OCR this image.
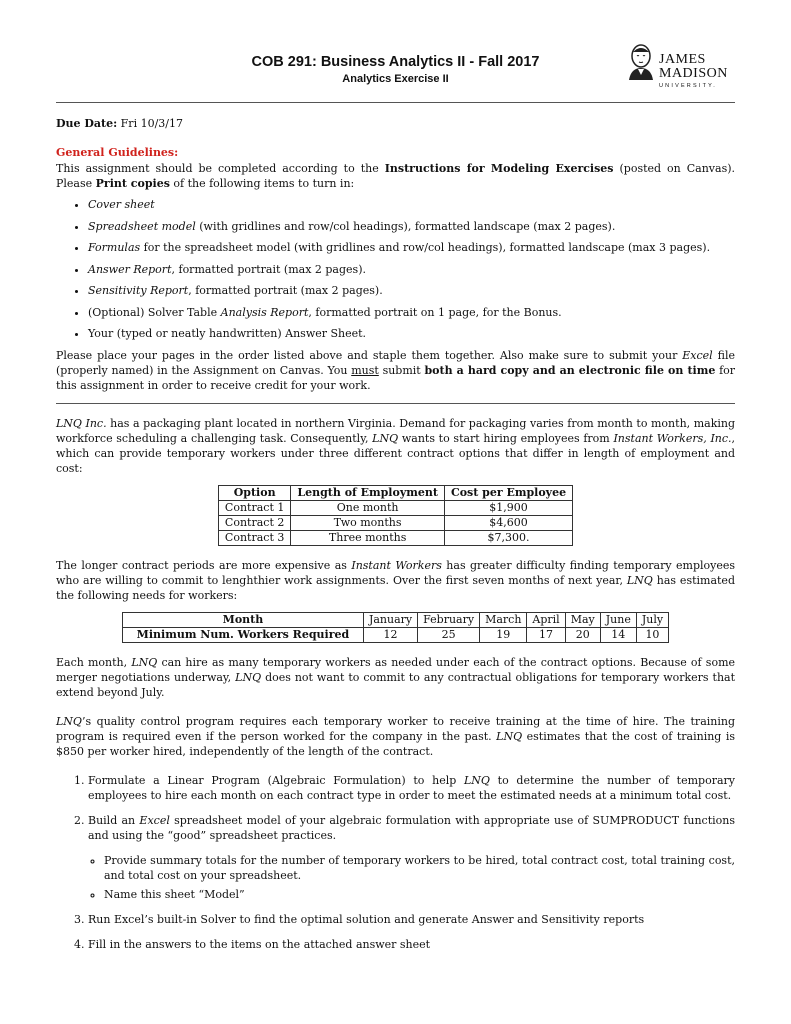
COB 291: Business Analytics II - Fall 2017
Analytics Exercise II
JAMES
MADISON
UNIVERSITY.
Due Date: Fri 10/3/17
General Guidelines:

This assignment should be completed according to the Instructions for Modeling Exercises (posted on Canvas). Please Print copies of the following items to turn in:

• Cover sheet
• Spreadsheet model (with gridlines and row/col headings), formatted landscape (max 2 pages).
• Formulas for the spreadsheet model (with gridlines and row/col headings), formatted landscape (max 3 pages).
• Answer Report, formatted portrait (max 2 pages).
• Sensitivity Report, formatted portrait (max 2 pages).
• (Optional) Solver Table Analysis Report, formatted portrait on 1 page, for the Bonus.
• Your (typed or neatly handwritten) Answer Sheet.

Please place your pages in the order listed above and staple them together. Also make sure to submit your Excel file (properly named) in the Assignment on Canvas. You must submit both a hard copy and an electronic file on time for this assignment in order to receive credit for your work.

LNQ Inc. has a packaging plant located in northern Virginia. Demand for packaging varies from month to month, making workforce scheduling a challenging task. Consequently, LNQ wants to start hiring employees from Instant Workers, Inc., which can provide temporary workers under three different contract options that differ in length of employment and cost:

Option	Length of Employment	Cost per Employee
Contract 1	One month	$1,900
Contract 2	Two months	$4,600
Contract 3	Three months	$7,300.

The longer contract periods are more expensive as Instant Workers has greater difficulty finding temporary employees who are willing to commit to lenghthier work assignments. Over the first seven months of next year, LNQ has estimated the following needs for workers:

Month	January	February	March	April	May	June	July
Minimum Num. Workers Required	12	25	19	17	20	14	10

Each month, LNQ can hire as many temporary workers as needed under each of the contract options. Because of some merger negotiations underway, LNQ does not want to commit to any contractual obligations for temporary workers that extend beyond July.

LNQ’s quality control program requires each temporary worker to receive training at the time of hire. The training program is required even if the person worked for the company in the past. LNQ estimates that the cost of training is $850 per worker hired, independently of the length of the contract.

1. Formulate a Linear Program (Algebraic Formulation) to help LNQ to determine the number of temporary employees to hire each month on each contract type in order to meet the estimated needs at a minimum total cost.
2. Build an Excel spreadsheet model of your algebraic formulation with appropriate use of SUMPRODUCT functions and using the “good” spreadsheet practices.
◦ Provide summary totals for the number of temporary workers to be hired, total contract cost, total training cost, and total cost on your spreadsheet.
◦ Name this sheet “Model”
3. Run Excel’s built-in Solver to find the optimal solution and generate Answer and Sensitivity reports
4. Fill in the answers to the items on the attached answer sheet
